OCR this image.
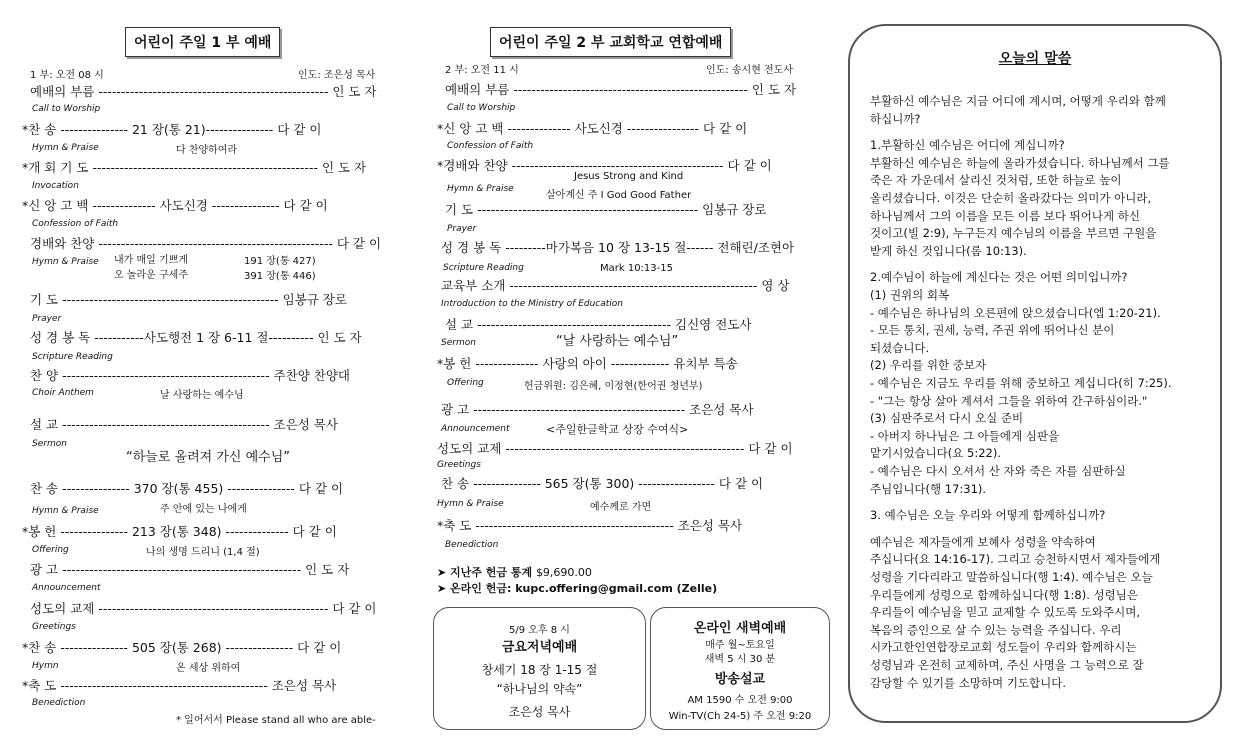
어린이 주일 1 부 예배
1 부: 오전 08 시	인도: 조은성 목사
예배의 부름 --------------------------------------------------- 인 도 자
Call to Worship
*찬 송 --------------- 21 장(통 21)--------------- 다 같 이
Hymn & Praise	다 찬양하여라
*개 회 기 도 -------------------------------------------------- 인 도 자
Invocation
*신 앙 고 백 -------------- 사도신경 --------------- 다 같 이
Confession of Faith
경배와 찬양 ---------------------------------------------------- 다 같 이
Hymn & Praise 내가 매일 기쁘게	191 장(통 427)
오 놀라운 구세주	391 장(통 446)
기 도 ------------------------------------------------ 임봉규 장로
Prayer
성 경 봉 독 -----------사도행전 1 장 6-11 절---------- 인 도 자
Scripture Reading
찬 양 ---------------------------------------------- 주찬양 찬양대
Choir Anthem	날 사랑하는 예수님
설 교 ---------------------------------------------- 조은성 목사
Sermon
“하늘로 올려져 가신 예수님”
찬 송 --------------- 370 장(통 455) --------------- 다 같 이
Hymn & Praise	주 안에 있는 나에게
*봉 헌 --------------- 213 장(통 348) -------------- 다 같 이
Offering	나의 생명 드리니 (1,4 절)
광 고 ----------------------------------------------------- 인 도 자
Announcement
성도의 교제 --------------------------------------------------- 다 같 이
Greetings
*찬 송 --------------- 505 장(통 268) --------------- 다 같 이
Hymn	온 세상 위하여
*축 도 ---------------------------------------------- 조은성 목사
Benediction
* 일어서서 Please stand all who are able-
어린이 주일 2 부 교회학교 연합예배
2 부: 오전 11 시	인도: 송시현 전도사
예배의 부름 ---------------------------------------------------- 인 도 자
Call to Worship
*신 앙 고 백 -------------- 사도신경 ---------------- 다 같 이
Confession of Faith
*경배와 찬양 ----------------------------------------------- 다 같 이
Jesus Strong and Kind
Hymn & Praise
살아계신 주 I God Good Father
기 도 ------------------------------------------------- 임봉규 장로
Prayer
성 경 봉 독 ---------마가복음 10 장 13-15 절------ 전해린/조현아
Scripture Reading	Mark 10:13-15
교육부 소개 ------------------------------------------------------- 영 상
Introduction to the Ministry of Education
설 교 ------------------------------------------- 김신영 전도사
Sermon	“날 사랑하는 예수님”
*봉 헌 -------------- 사랑의 아이 ------------- 유치부 특송
Offering	헌금위원: 김은혜, 이정현(한어권 청년부)
광 고 ----------------------------------------------- 조은성 목사
Announcement	<주일한글학교 상장 수여식>
성도의 교제 ----------------------------------------------------- 다 같 이
Greetings
찬 송 --------------- 565 장(통 300) ----------------- 다 같 이
Hymn & Praise	예수께로 가면
*축 도 -------------------------------------------- 조은성 목사
Benediction
➤ 지난주 헌금 통계 $9,690.00
➤ 온라인 헌금: kupc.offering@gmail.com (Zelle)
5/9 오후 8 시
금요저녁예배
창세기 18 장 1-15 절
“하나님의 약속”
조은성 목사
온라인 새벽예배
매주 월~토요일
새벽 5 시 30 분
방송설교
AM 1590 수 오전 9:00
Win-TV(Ch 24-5) 주 오전 9:20
오늘의 말씀
부활하신 예수님은 지금 어디에 계시며, 어떻게 우리와 함께
하십니까?
1.부활하신 예수님은 어디에 계십니까?
부활하신 예수님은 하늘에 올라가셨습니다. 하나님께서 그를
죽은 자 가운데서 살리신 것처럼, 또한 하늘로 높이
올리셨습니다. 이것은 단순히 올라갔다는 의미가 아니라,
하나님께서 그의 이름을 모든 이름 보다 뛰어나게 하신
것이고(빌 2:9), 누구든지 예수님의 이름을 부르면 구원을
받게 하신 것입니다(롬 10:13).
2.예수님이 하늘에 계신다는 것은 어떤 의미입니까?
(1) 권위의 회복
- 예수님은 하나님의 오른편에 앉으셨습니다(엡 1:20-21).
- 모든 통치, 권세, 능력, 주권 위에 뛰어나신 분이
되셨습니다.
(2) 우리를 위한 중보자
- 예수님은 지금도 우리를 위해 중보하고 계십니다(히 7:25).
- "그는 항상 살아 계셔서 그들을 위하여 간구하심이라."
(3) 심판주로서 다시 오실 준비
- 아버지 하나님은 그 아들에게 심판을
맡기시었습니다(요 5:22).
- 예수님은 다시 오셔서 산 자와 죽은 자를 심판하실
주님입니다(행 17:31).
3. 예수님은 오늘 우리와 어떻게 함께하십니까?
예수님은 제자들에게 보혜사 성령을 약속하여
주십니다(요 14:16-17). 그리고 승천하시면서 제자들에게
성령을 기다리라고 말씀하십니다(행 1:4). 예수님은 오늘
우리들에게 성령으로 함께하십니다(행 1:8). 성령님은
우리들이 예수님을 믿고 교제할 수 있도록 도와주시며,
복음의 증인으로 살 수 있는 능력을 주십니다. 우리
시카고한인연합장로교회 성도들이 우리와 함께하시는
성령님과 온전히 교제하며, 주신 사명을 그 능력으로 잘
감당할 수 있기를 소망하며 기도합니다.
